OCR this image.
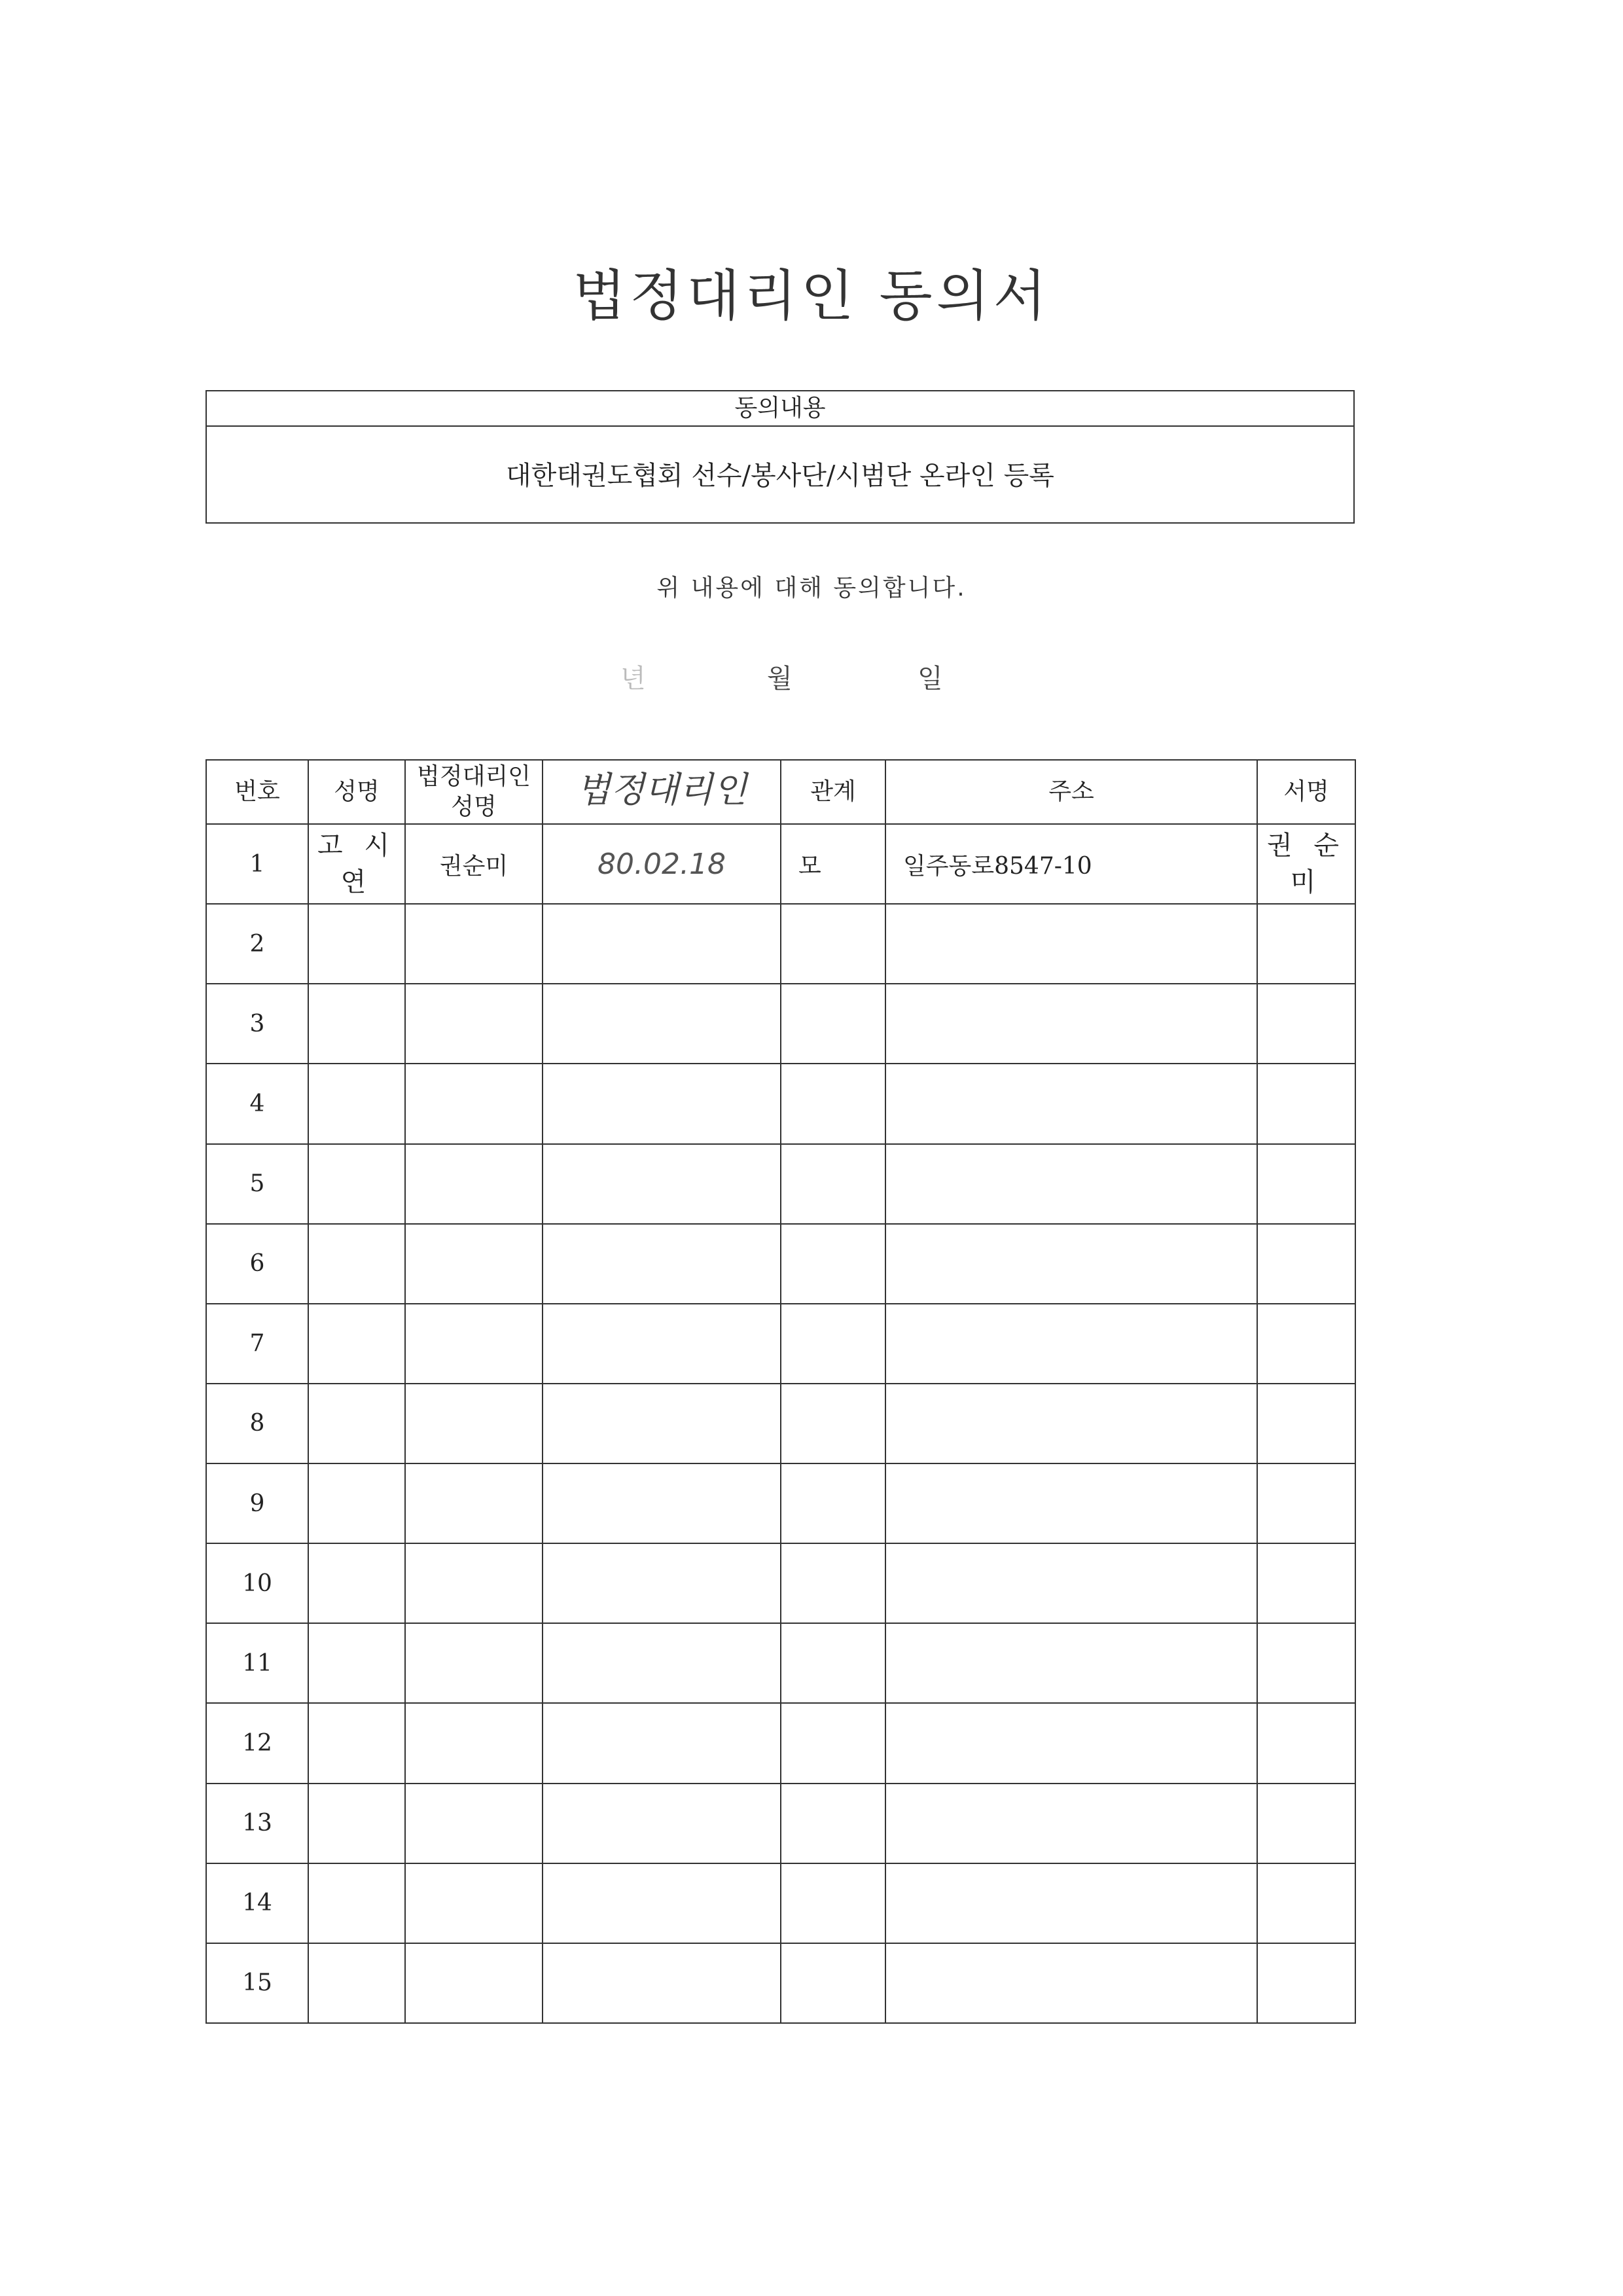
법정대리인 동의서
동의내용
대한태권도협회 선수/봉사단/시범단 온라인 등록
위 내용에 대해 동의합니다.
년	월	일
번호	성명	법정대리인 성명	법정대리인	관계	주소	서명
1	고 시 연	권순미	80.02.18	모	일주동로8547-10	권 순 미
2						
3						
4						
5						
6						
7						
8						
9						
10						
11						
12						
13						
14						
15						
